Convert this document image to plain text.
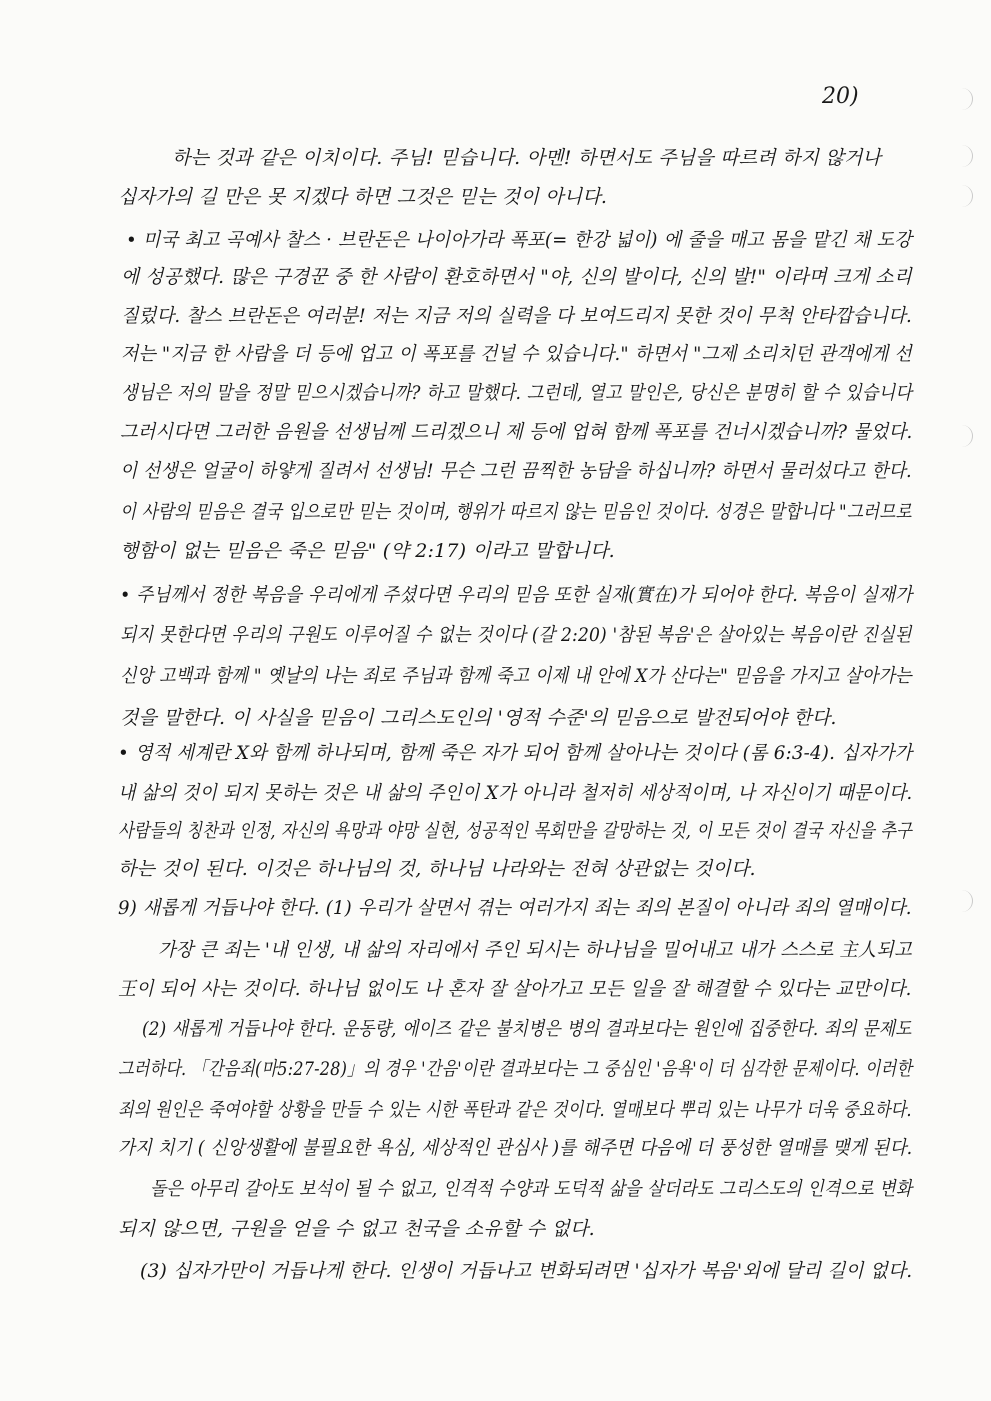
20)
하는 것과 같은 이치이다. 주님! 믿습니다. 아멘! 하면서도 주님을 따르려 하지 않거나
십자가의 길 만은 못 지겠다 하면 그것은 믿는 것이 아니다.
• 미국 최고 곡예사 찰스 · 브란돈은 나이아가라 폭포(= 한강 넓이) 에 줄을 매고 몸을 맡긴 채 도강
에 성공했다. 많은 구경꾼 중 한 사람이 환호하면서 "야, 신의 발이다, 신의 발!" 이라며 크게 소리
질렀다. 찰스 브란돈은 여러분! 저는 지금 저의 실력을 다 보여드리지 못한 것이 무척 안타깝습니다.
저는 "지금 한 사람을 더 등에 업고 이 폭포를 건널 수 있습니다." 하면서 "그제 소리치던 관객에게 선
생님은 저의 말을 정말 믿으시겠습니까? 하고 말했다. 그런데, 열고 말인은, 당신은 분명히 할 수 있습니다
그러시다면 그러한 음원을 선생님께 드리겠으니 제 등에 업혀 함께 폭포를 건너시겠습니까? 물었다.
이 선생은 얼굴이 하얗게 질려서 선생님! 무슨 그런 끔찍한 농담을 하십니까? 하면서 물러섰다고 한다.
이 사람의 믿음은 결국 입으로만 믿는 것이며, 행위가 따르지 않는 믿음인 것이다. 성경은 말합니다 "그러므로
행함이 없는 믿음은 죽은 믿음" (약 2:17) 이라고 말합니다.
• 주님께서 정한 복음을 우리에게 주셨다면 우리의 믿음 또한 실재(實在)가 되어야 한다. 복음이 실재가
되지 못한다면 우리의 구원도 이루어질 수 없는 것이다 (갈 2:20) '참된 복음'은 살아있는 복음이란 진실된
신앙 고백과 함께 " 옛날의 나는 죄로 주님과 함께 죽고 이제 내 안에 X가 산다는" 믿음을 가지고 살아가는
것을 말한다. 이 사실을 믿음이 그리스도인의 '영적 수준'의 믿음으로 발전되어야 한다.
• 영적 세계란 X와 함께 하나되며, 함께 죽은 자가 되어 함께 살아나는 것이다 (롬 6:3-4). 십자가가
내 삶의 것이 되지 못하는 것은 내 삶의 주인이 X가 아니라 철저히 세상적이며, 나 자신이기 때문이다.
사람들의 칭찬과 인정, 자신의 욕망과 야망 실현, 성공적인 목회만을 갈망하는 것, 이 모든 것이 결국 자신을 추구
하는 것이 된다. 이것은 하나님의 것, 하나님 나라와는 전혀 상관없는 것이다.
9) 새롭게 거듭나야 한다. (1) 우리가 살면서 겪는 여러가지 죄는 죄의 본질이 아니라 죄의 열매이다.
가장 큰 죄는 '내 인생, 내 삶의 자리에서 주인 되시는 하나님을 밀어내고 내가 스스로 主人되고
王이 되어 사는 것이다. 하나님 없이도 나 혼자 잘 살아가고 모든 일을 잘 해결할 수 있다는 교만이다.
(2) 새롭게 거듭나야 한다. 운동량, 에이즈 같은 불치병은 병의 결과보다는 원인에 집중한다. 죄의 문제도
그러하다. 「간음죄(마5:27-28)」의 경우 '간음'이란 결과보다는 그 중심인 '음욕'이 더 심각한 문제이다. 이러한
죄의 원인은 죽여야할 상황을 만들 수 있는 시한 폭탄과 같은 것이다. 열매보다 뿌리 있는 나무가 더욱 중요하다.
가지 치기 ( 신앙생활에 불필요한 욕심, 세상적인 관심사 )를 해주면 다음에 더 풍성한 열매를 맺게 된다.
돌은 아무리 갈아도 보석이 될 수 없고, 인격적 수양과 도덕적 삶을 살더라도 그리스도의 인격으로 변화
되지 않으면, 구원을 얻을 수 없고 천국을 소유할 수 없다.
(3) 십자가만이 거듭나게 한다. 인생이 거듭나고 변화되려면 '십자가 복음'외에 달리 길이 없다.
